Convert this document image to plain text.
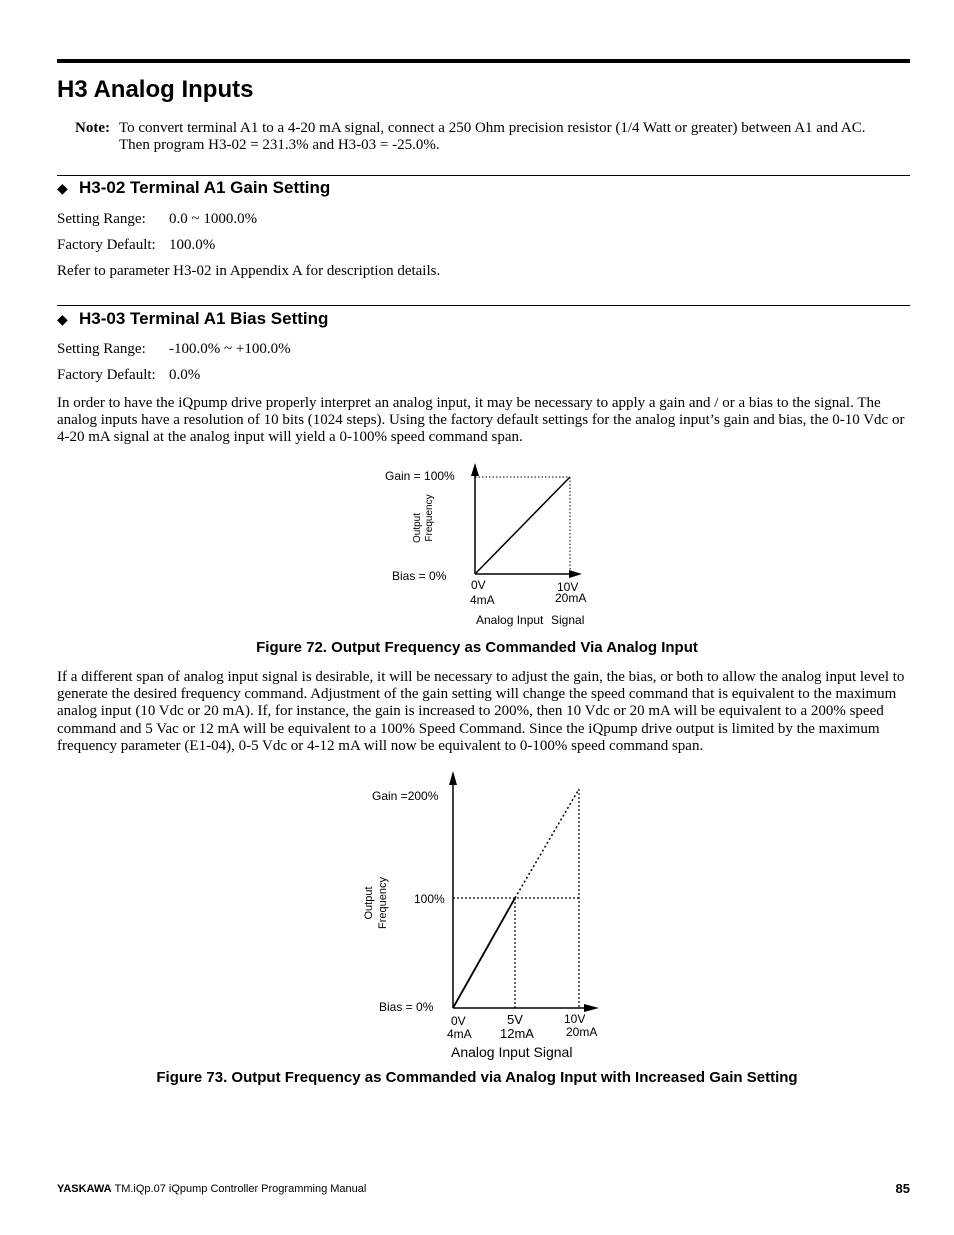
H3 Analog Inputs
Note: To convert terminal A1 to a 4-20 mA signal, connect a 250 Ohm precision resistor (1/4 Watt or greater) between A1 and AC. Then program H3-02 = 231.3% and H3-03 = -25.0%.
◆ H3-02 Terminal A1 Gain Setting
Setting Range: 0.0 ~ 1000.0%
Factory Default: 100.0%
Refer to parameter H3-02 in Appendix A for description details.
◆ H3-03 Terminal A1 Bias Setting
Setting Range: -100.0% ~ +100.0%
Factory Default: 0.0%
In order to have the iQpump drive properly interpret an analog input, it may be necessary to apply a gain and / or a bias to the signal. The analog inputs have a resolution of 10 bits (1024 steps). Using the factory default settings for the analog input’s gain and bias, the 0-10 Vdc or 4-20 mA signal at the analog input will yield a 0-100% speed command span.
Gain = 100%
Bias = 0%
Output Frequency
0V
4mA
10V
20mA
Analog Input Signal
Figure 72. Output Frequency as Commanded Via Analog Input
If a different span of analog input signal is desirable, it will be necessary to adjust the gain, the bias, or both to allow the analog input level to generate the desired frequency command. Adjustment of the gain setting will change the speed command that is equivalent to the maximum analog input (10 Vdc or 20 mA). If, for instance, the gain is increased to 200%, then 10 Vdc or 20 mA will be equivalent to a 200% speed command and 5 Vac or 12 mA will be equivalent to a 100% Speed Command. Since the iQpump drive output is limited by the maximum frequency parameter (E1-04), 0-5 Vdc or 4-12 mA will now be equivalent to 0-100% speed command span.
Gain =200%
100%
Bias = 0%
Output Frequency
0V
4mA
5V
12mA
10V
20mA
Analog Input Signal
Figure 73. Output Frequency as Commanded via Analog Input with Increased Gain Setting
YASKAWA TM.iQp.07 iQpump Controller Programming Manual	85
